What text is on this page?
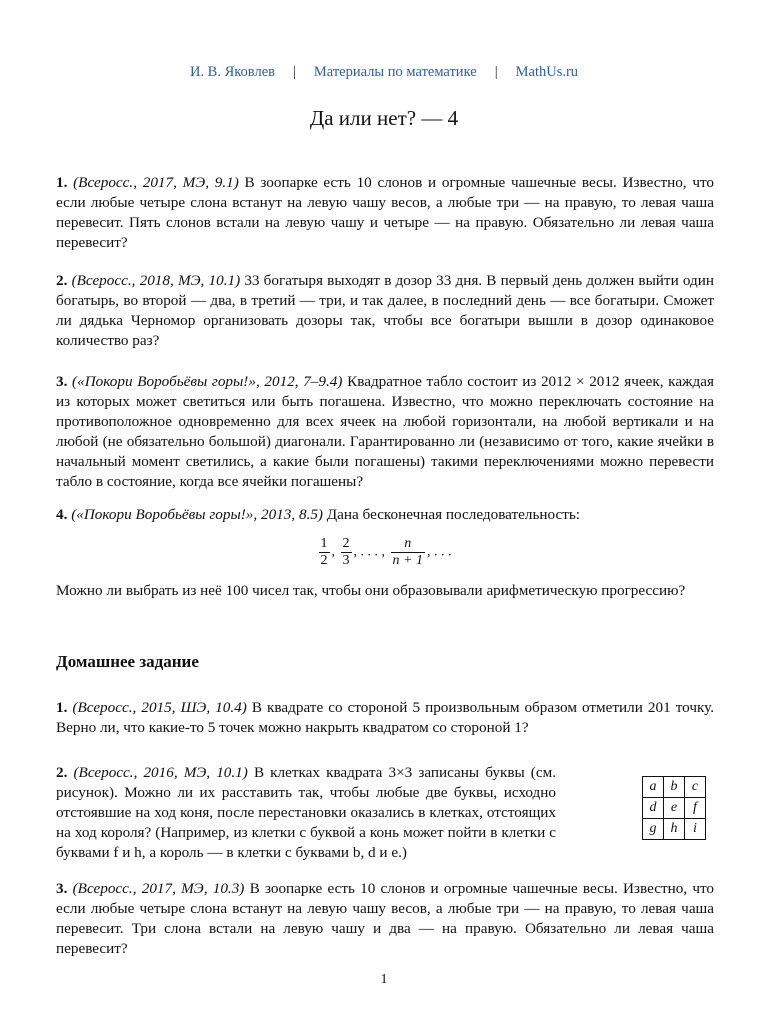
И. В. Яковлев | Материалы по математике | MathUs.ru
Да или нет? — 4
1. (Всеросс., 2017, МЭ, 9.1) В зоопарке есть 10 слонов и огромные чашечные весы. Известно, что если любые четыре слона встанут на левую чашу весов, а любые три — на правую, то левая чаша перевесит. Пять слонов встали на левую чашу и четыре — на правую. Обязательно ли левая чаша перевесит?
2. (Всеросс., 2018, МЭ, 10.1) 33 богатыря выходят в дозор 33 дня. В первый день должен выйти один богатырь, во второй — два, в третий — три, и так далее, в последний день — все богатыри. Сможет ли дядька Черномор организовать дозоры так, чтобы все богатыри вышли в дозор одинаковое количество раз?
3. («Покори Воробьёвы горы!», 2012, 7–9.4) Квадратное табло состоит из 2012 × 2012 ячеек, каждая из которых может светиться или быть погашена. Известно, что можно переключать состояние на противоположное одновременно для всех ячеек на любой горизонтали, на любой вертикали и на любой (не обязательно большой) диагонали. Гарантированно ли (независимо от того, какие ячейки в начальный момент светились, а какие были погашены) такими переключениями можно перевести табло в состояние, когда все ячейки погашены?
4. («Покори Воробьёвы горы!», 2013, 8.5) Дана бесконечная последовательность:
$\frac{1}{2}$ , $\frac{2}{3}$ , . . . , $\frac{n}{n + 1}$ , . . .
Можно ли выбрать из неё 100 чисел так, чтобы они образовывали арифметическую прогрессию?
Домашнее задание
1. (Всеросс., 2015, ШЭ, 10.4) В квадрате со стороной 5 произвольным образом отметили 201 точку. Верно ли, что какие-то 5 точек можно накрыть квадратом со стороной 1?
2. (Всеросс., 2016, МЭ, 10.1) В клетках квадрата 3×3 записаны буквы (см. рисунок). Можно ли их расставить так, чтобы любые две буквы, исходно отстоявшие на ход коня, после перестановки оказались в клетках, отстоящих на ход короля? (Например, из клетки с буквой a конь может пойти в клетки с буквами f и h, а король — в клетки с буквами b, d и e.)
a	b	c
d	e	f
g	h	i
3. (Всеросс., 2017, МЭ, 10.3) В зоопарке есть 10 слонов и огромные чашечные весы. Известно, что если любые четыре слона встанут на левую чашу весов, а любые три — на правую, то левая чаша перевесит. Три слона встали на левую чашу и два — на правую. Обязательно ли левая чаша перевесит?
1
